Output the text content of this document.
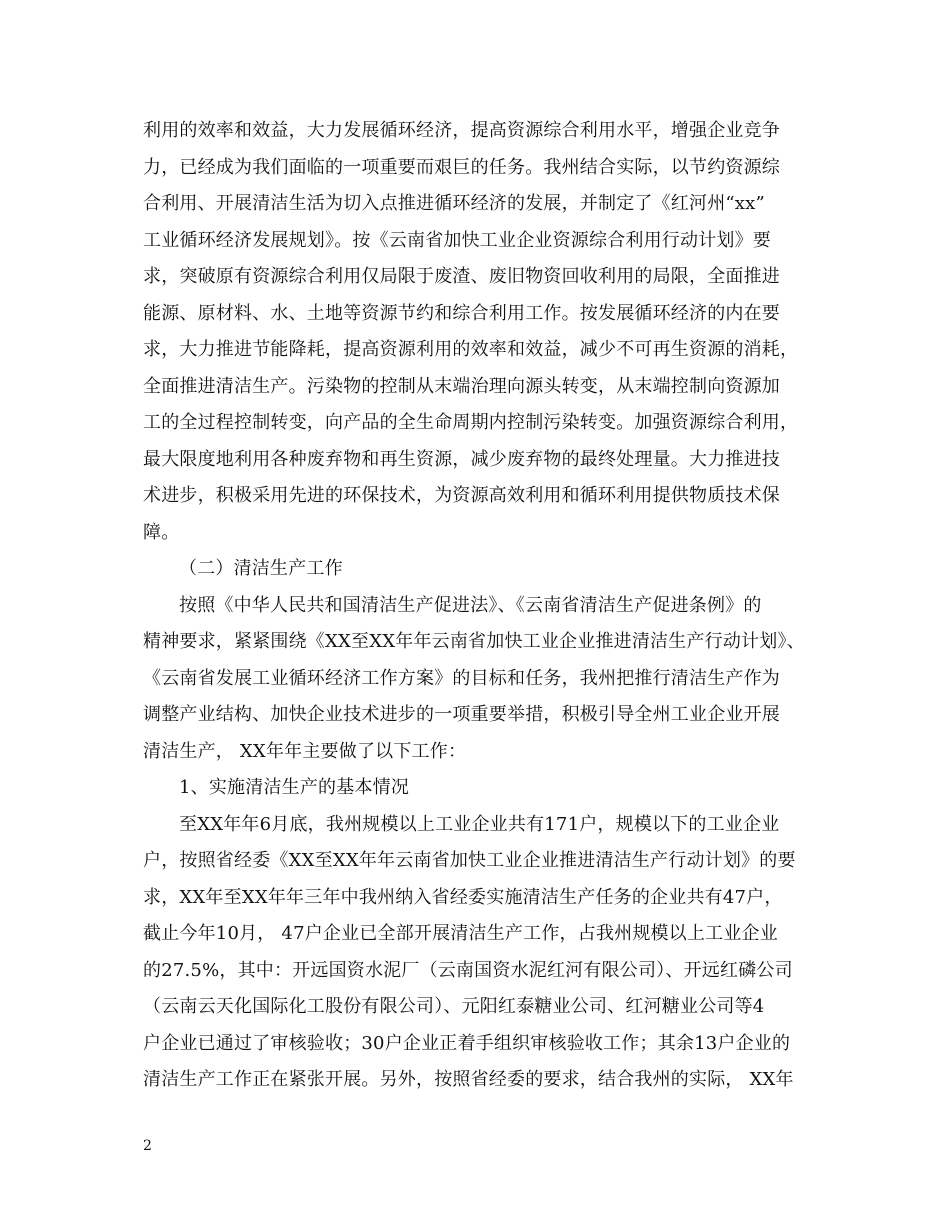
利用的效率和效益，大力发展循环经济，提高资源综合利用水平，增强企业竞争
力，已经成为我们面临的一项重要而艰巨的任务。我州结合实际，以节约资源综
合利用、开展清洁生活为切入点推进循环经济的发展，并制定了《红河州“xx”
工业循环经济发展规划》。按《云南省加快工业企业资源综合利用行动计划》要
求，突破原有资源综合利用仅局限于废渣、废旧物资回收利用的局限，全面推进
能源、原材料、水、土地等资源节约和综合利用工作。按发展循环经济的内在要
求，大力推进节能降耗，提高资源利用的效率和效益，减少不可再生资源的消耗，
全面推进清洁生产。污染物的控制从末端治理向源头转变，从末端控制向资源加
工的全过程控制转变，向产品的全生命周期内控制污染转变。加强资源综合利用，
最大限度地利用各种废弃物和再生资源，减少废弃物的最终处理量。大力推进技
术进步，积极采用先进的环保技术，为资源高效利用和循环利用提供物质技术保
障。
（二）清洁生产工作
按照《中华人民共和国清洁生产促进法》、《云南省清洁生产促进条例》的
精神要求，紧紧围绕《XX至XX年年云南省加快工业企业推进清洁生产行动计划》、
《云南省发展工业循环经济工作方案》的目标和任务，我州把推行清洁生产作为
调整产业结构、加快企业技术进步的一项重要举措，积极引导全州工业企业开展
清洁生产， XX年年主要做了以下工作：
1、实施清洁生产的基本情况
至XX年年6月底，我州规模以上工业企业共有171户，规模以下的工业企业
户，按照省经委《XX至XX年年云南省加快工业企业推进清洁生产行动计划》的要
求，XX年至XX年年三年中我州纳入省经委实施清洁生产任务的企业共有47户，
截止今年10月， 47户企业已全部开展清洁生产工作，占我州规模以上工业企业
的27.5%，其中：开远国资水泥厂（云南国资水泥红河有限公司）、开远红磷公司
（云南云天化国际化工股份有限公司）、元阳红泰糖业公司、红河糖业公司等4
户企业已通过了审核验收；30户企业正着手组织审核验收工作；其余13户企业的
清洁生产工作正在紧张开展。另外，按照省经委的要求，结合我州的实际， XX年
2
